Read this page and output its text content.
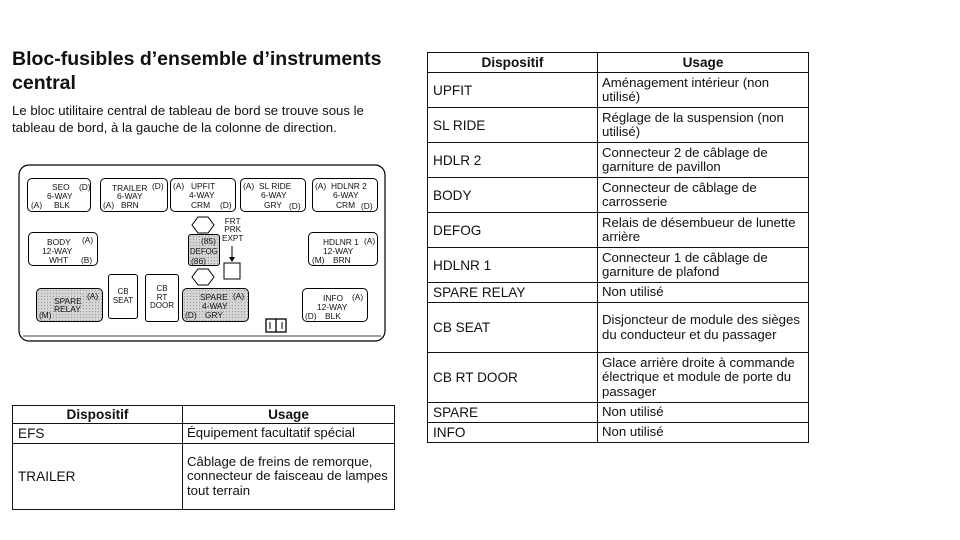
Bloc-fusibles d’ensemble d’instruments central
Le bloc utilitaire central de tableau de bord se trouve sous le tableau de bord, à la gauche de la colonne de direction.
SEO (D)
6-WAY
(A) BLK
TRAILER (D)
6-WAY
(A) BRN
(A) UPFIT
4-WAY
CRM (D)
(A) SL RIDE
6-WAY
GRY (D)
(A) HDLNR 2
6-WAY
CRM (D)
BODY (A)
12-WAY
WHT (B)
(85)
DEFOG
(86)
FRT
PRK
EXPT	HDLNR 1 (A)
12-WAY
(M) BRN
(A)
SPARE
RELAY
(M)
CB
SEAT
CB
RT
DOOR
SPARE (A)
4-WAY
(D) GRY
INFO (A)
12-WAY
(D) BLK
Dispositif	Usage
EFS	Équipement facultatif spécial
TRAILER	Câblage de freins de remorque, connecteur de faisceau de lampes tout terrain
Dispositif	Usage
UPFIT	Aménagement intérieur (non utilisé)
SL RIDE	Réglage de la suspension (non utilisé)
HDLR 2	Connecteur 2 de câblage de garniture de pavillon
BODY	Connecteur de câblage de carrosserie
DEFOG	Relais de désembueur de lunette arrière
HDLNR 1	Connecteur 1 de câblage de garniture de plafond
SPARE RELAY	Non utilisé
CB SEAT	Disjoncteur de module des sièges du conducteur et du passager
CB RT DOOR	Glace arrière droite à commande électrique et module de porte du passager
SPARE	Non utilisé
INFO	Non utilisé
